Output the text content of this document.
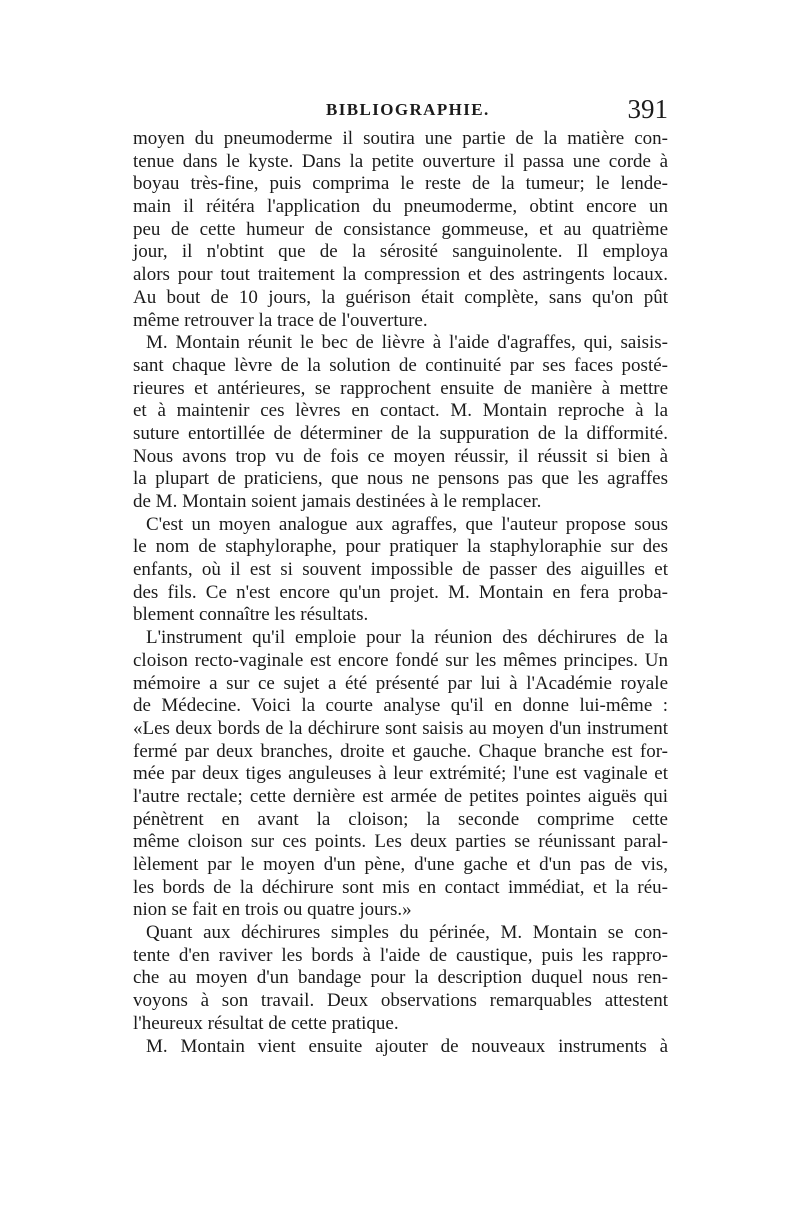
BIBLIOGRAPHIE.	391
moyen du pneumoderme il soutira une partie de la matière con-
tenue dans le kyste. Dans la petite ouverture il passa une corde à
boyau très-fine, puis comprima le reste de la tumeur; le lende-
main il réitéra l'application du pneumoderme, obtint encore un
peu de cette humeur de consistance gommeuse, et au quatrième
jour, il n'obtint que de la sérosité sanguinolente. Il employa
alors pour tout traitement la compression et des astringents locaux.
Au bout de 10 jours, la guérison était complète, sans qu'on pût
même retrouver la trace de l'ouverture.
M. Montain réunit le bec de lièvre à l'aide d'agraffes, qui, saisis-
sant chaque lèvre de la solution de continuité par ses faces posté-
rieures et antérieures, se rapprochent ensuite de manière à mettre
et à maintenir ces lèvres en contact. M. Montain reproche à la
suture entortillée de déterminer de la suppuration de la difformité.
Nous avons trop vu de fois ce moyen réussir, il réussit si bien à
la plupart de praticiens, que nous ne pensons pas que les agraffes
de M. Montain soient jamais destinées à le remplacer.
C'est un moyen analogue aux agraffes, que l'auteur propose sous
le nom de staphyloraphe, pour pratiquer la staphyloraphie sur des
enfants, où il est si souvent impossible de passer des aiguilles et
des fils. Ce n'est encore qu'un projet. M. Montain en fera proba-
blement connaître les résultats.
L'instrument qu'il emploie pour la réunion des déchirures de la
cloison recto-vaginale est encore fondé sur les mêmes principes. Un
mémoire a sur ce sujet a été présenté par lui à l'Académie royale
de Médecine. Voici la courte analyse qu'il en donne lui-même :
«Les deux bords de la déchirure sont saisis au moyen d'un instrument
fermé par deux branches, droite et gauche. Chaque branche est for-
mée par deux tiges anguleuses à leur extrémité; l'une est vaginale et
l'autre rectale; cette dernière est armée de petites pointes aiguës qui
pénètrent en avant la cloison; la seconde comprime cette
même cloison sur ces points. Les deux parties se réunissant paral-
lèlement par le moyen d'un pène, d'une gache et d'un pas de vis,
les bords de la déchirure sont mis en contact immédiat, et la réu-
nion se fait en trois ou quatre jours.»
Quant aux déchirures simples du périnée, M. Montain se con-
tente d'en raviver les bords à l'aide de caustique, puis les rappro-
che au moyen d'un bandage pour la description duquel nous ren-
voyons à son travail. Deux observations remarquables attestent
l'heureux résultat de cette pratique.
M. Montain vient ensuite ajouter de nouveaux instruments à
